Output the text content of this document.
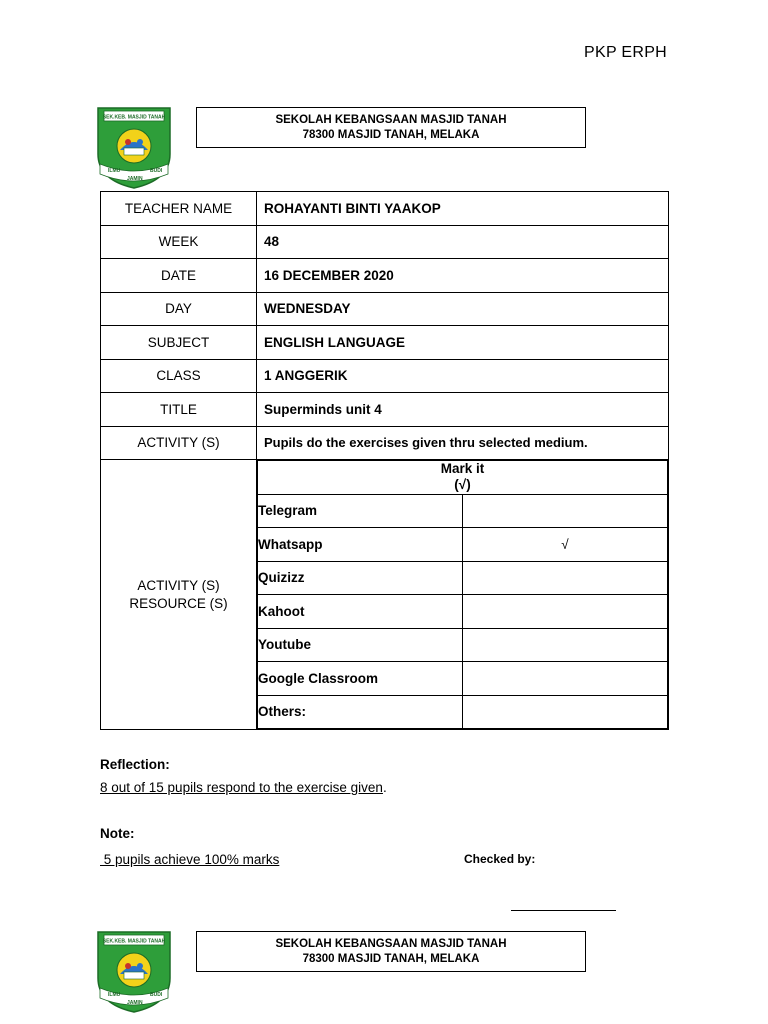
PKP ERPH
SEK.KEB. MASJID TANAH
ILMU
JAMIN
BUDI
SEKOLAH KEBANGSAAN MASJID TANAH
78300 MASJID TANAH, MELAKA
TEACHER NAME	ROHAYANTI BINTI YAAKOP
WEEK	48
DATE	16 DECEMBER 2020
DAY	WEDNESDAY
SUBJECT	ENGLISH LANGUAGE
CLASS	1 ANGGERIK
TITLE	Superminds unit 4
ACTIVITY (S)	Pupils do the exercises given thru selected medium.

ACTIVITY (S)
RESOURCE (S)

Mark it
(√)

Telegram	
Whatsapp	√
Quizizz	
Kahoot	
Youtube	
Google Classroom	
Others:	
Reflection:
8 out of 15 pupils respond to the exercise given.
Note:
5 pupils achieve 100% marks	Checked by:
SEK.KEB. MASJID TANAH
ILMU
JAMIN
BUDI
SEKOLAH KEBANGSAAN MASJID TANAH
78300 MASJID TANAH, MELAKA
